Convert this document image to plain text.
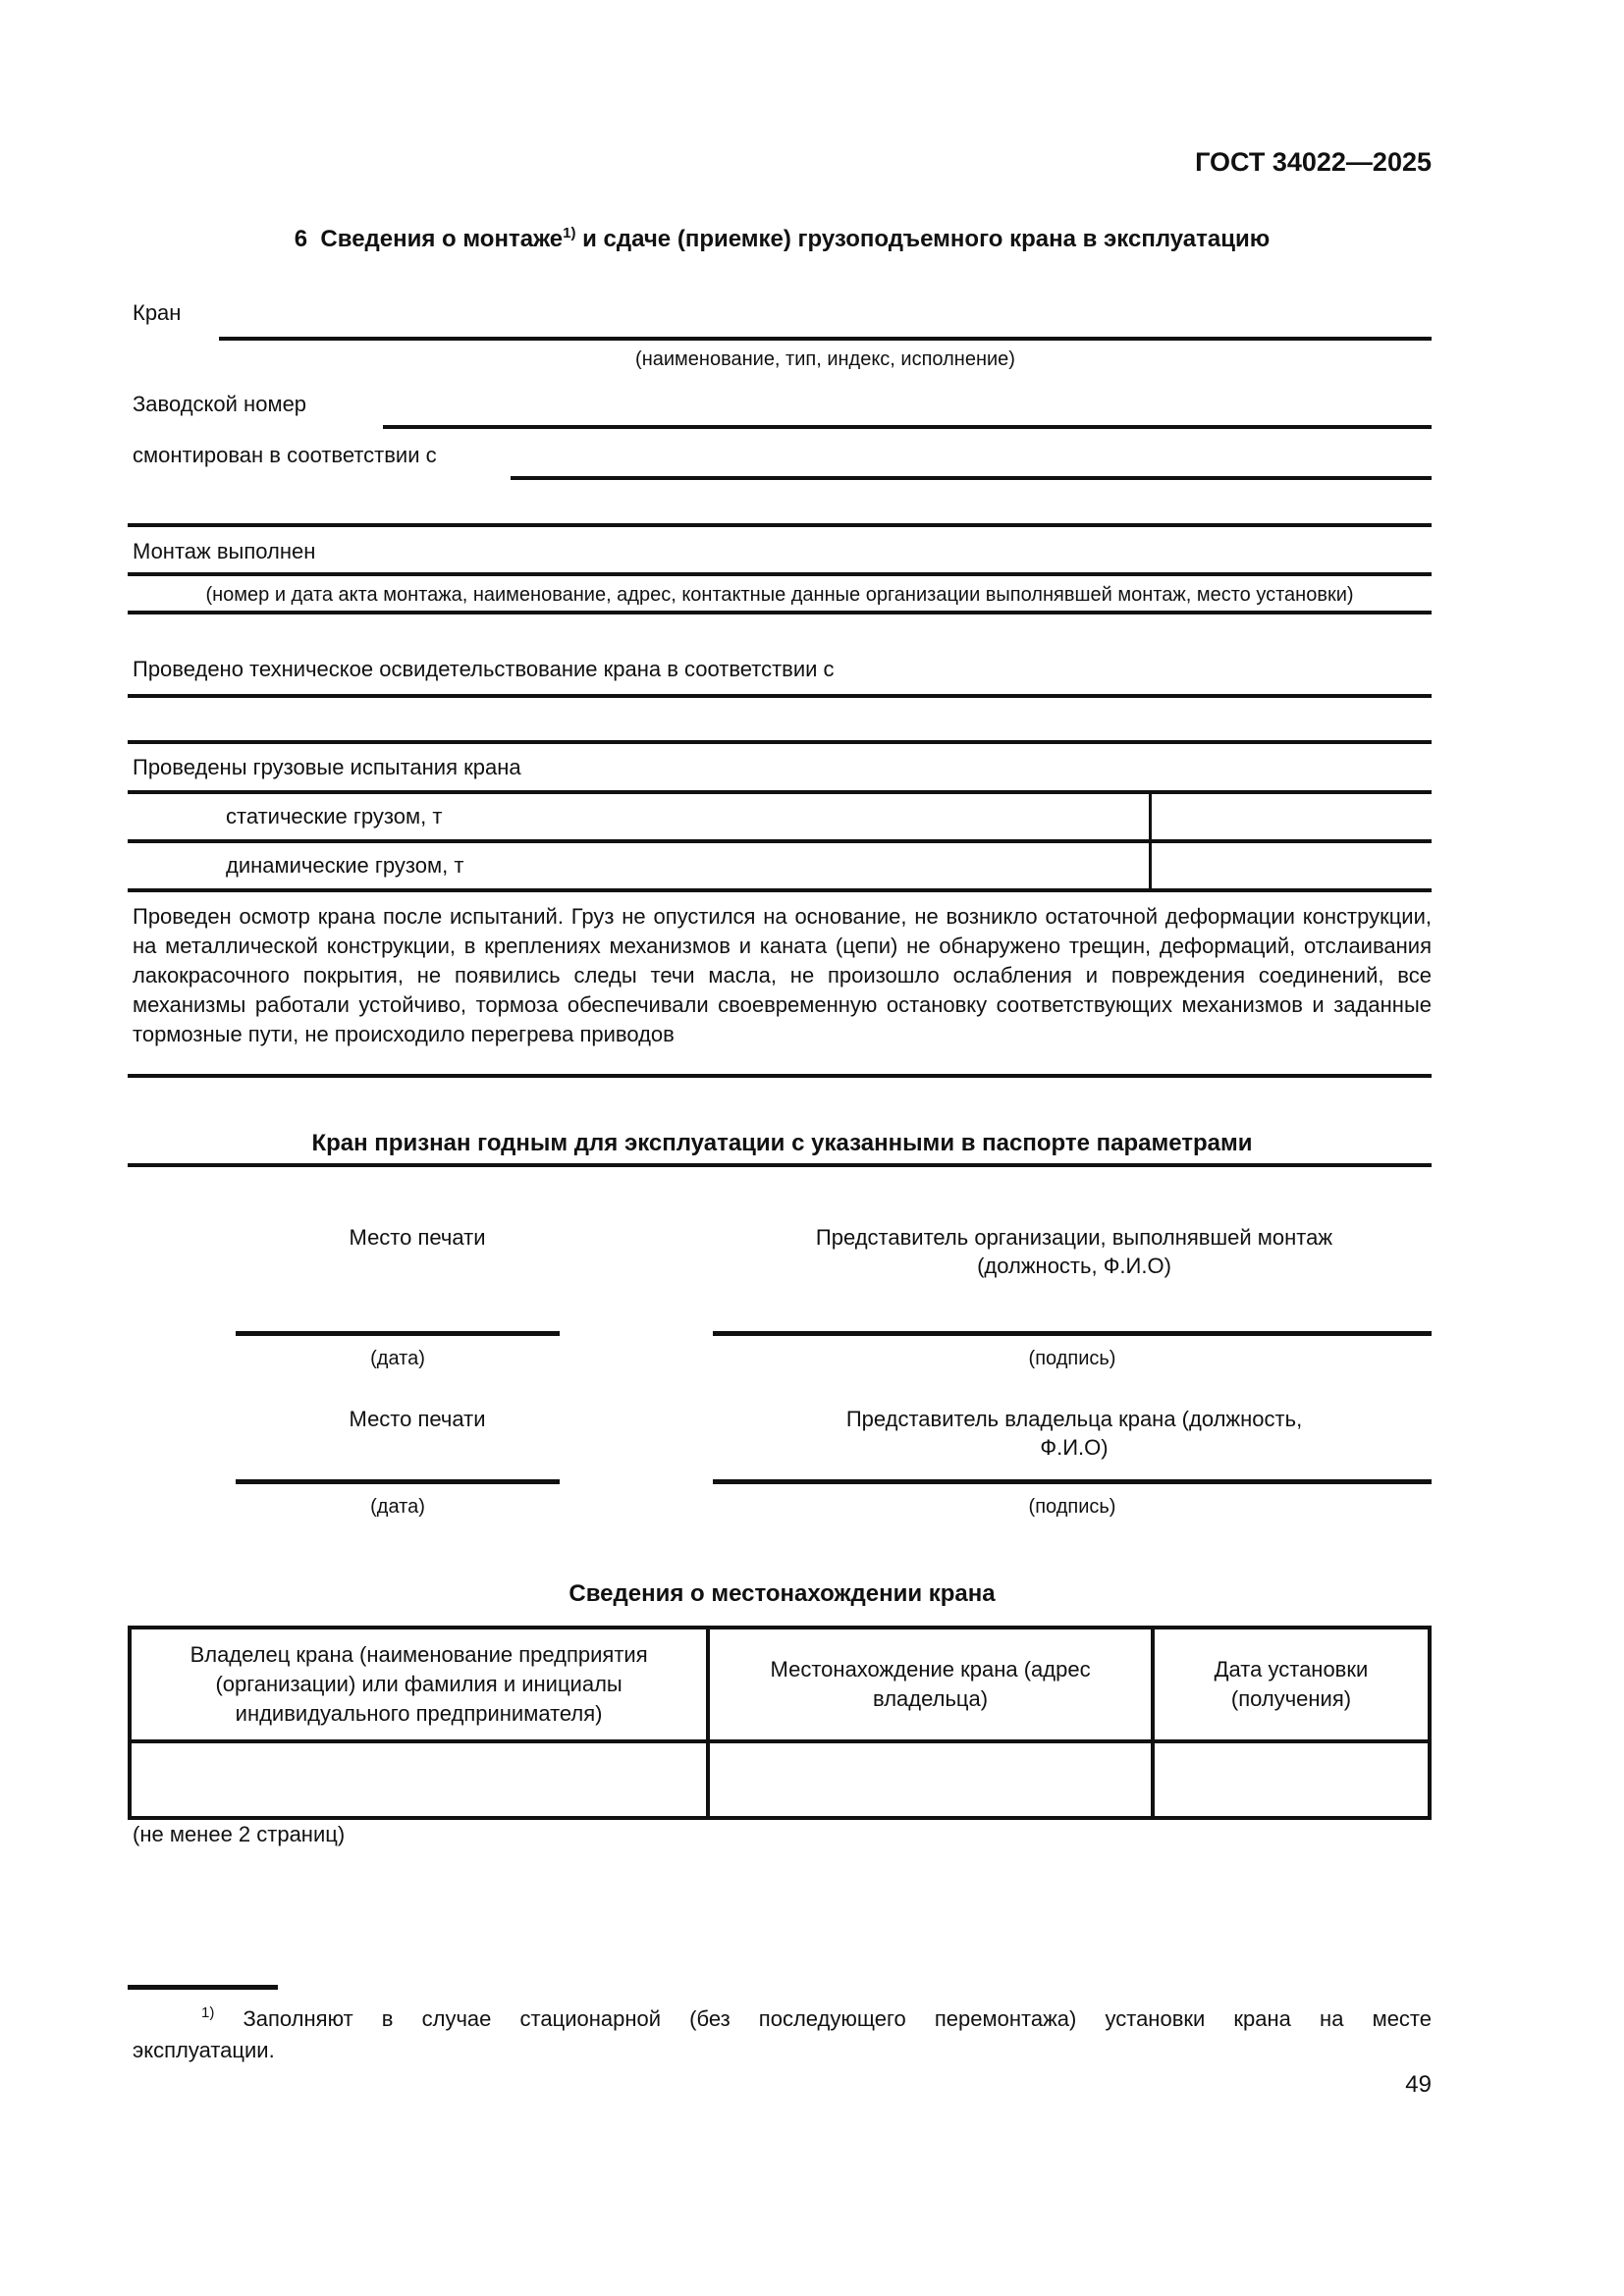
ГОСТ 34022—2025
6  Сведения о монтаже$^{1)}$ и сдаче (приемке) грузоподъемного крана в эксплуатацию
Кран
(наименование, тип, индекс, исполнение)
Заводской номер
смонтирован в соответствии с
Монтаж выполнен
(номер и дата акта монтажа, наименование, адрес, контактные данные организации выполнявшей монтаж, место установки)
Проведено техническое освидетельствование крана в соответствии с
Проведены грузовые испытания крана
статические грузом, т
динамические грузом, т
Проведен осмотр крана после испытаний. Груз не опустился на основание, не возникло остаточной деформации конструкции, на металлической конструкции, в креплениях механизмов и каната (цепи) не обнаружено трещин, деформаций, отслаивания лакокрасочного покрытия, не появились следы течи масла, не произошло ослабления и повреждения соединений, все механизмы работали устойчиво, тормоза обеспечивали своевременную остановку соответствующих механизмов и заданные тормозные пути, не происходило перегрева приводов
Кран признан годным для эксплуатации с указанными в паспорте параметрами
Место печати	Представитель организации, выполнявшей монтаж
(должность, Ф.И.О)
(дата)	(подпись)
Место печати	Представитель владельца крана (должность,
Ф.И.О)
(дата)	(подпись)
Сведения о местонахождении крана
Владелец крана (наименование предприятия (организации) или фамилия и инициалы индивидуального предпринимателя)	Местонахождение крана (адрес владельца)	Дата установки (получения)

(не менее 2 страниц)
$^{1)}$ Заполняют в случае стационарной (без последующего перемонтажа) установки крана на месте
эксплуатации.
49
